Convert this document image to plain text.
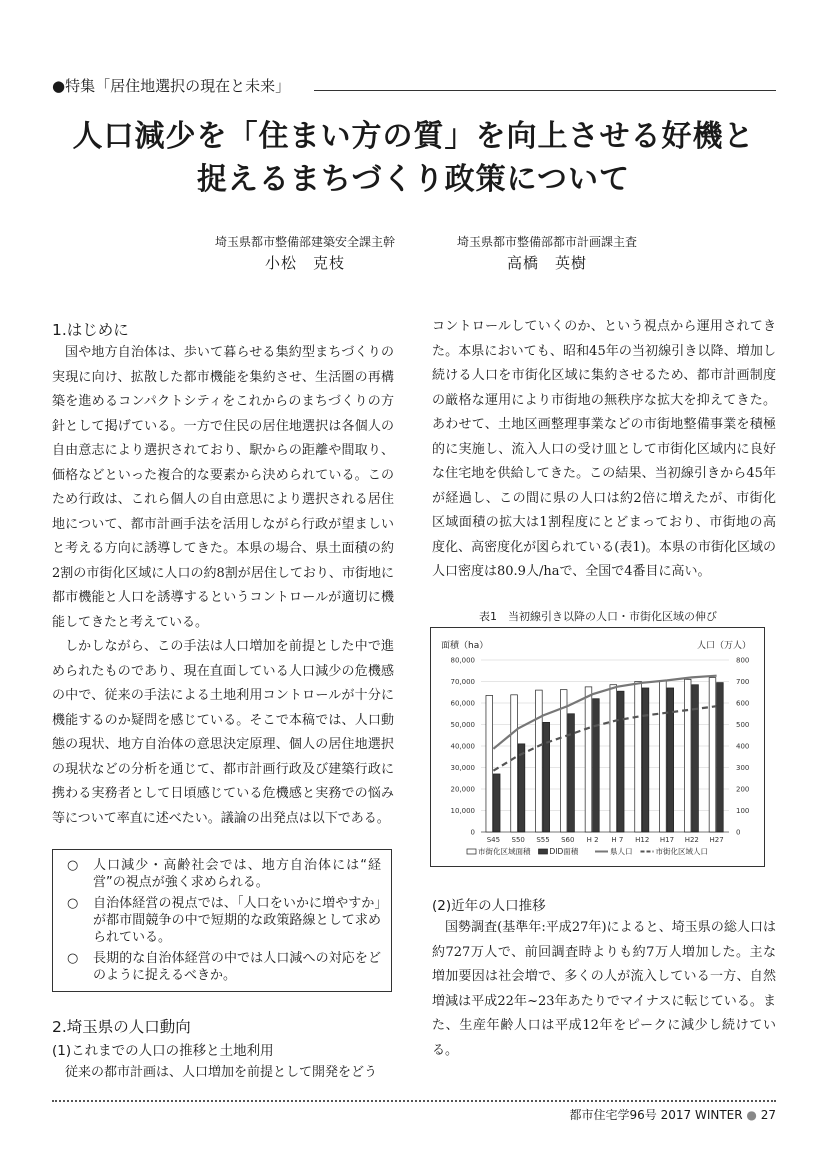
●特集「居住地選択の現在と未来」
人口減少を「住まい方の質」を向上させる好機と
捉えるまちづくり政策について
埼玉県都市整備部建築安全課主幹
小松　克枝
埼玉県都市整備部都市計画課主査
高橋　英樹
1.はじめに

国や地方自治体は、歩いて暮らせる集約型まちづくりの実現に向け、拡散した都市機能を集約させ、生活圏の再構築を進めるコンパクトシティをこれからのまちづくりの方針として掲げている。一方で住民の居住地選択は各個人の自由意志により選択されており、駅からの距離や間取り、価格などといった複合的な要素から決められている。このため行政は、これら個人の自由意思により選択される居住地について、都市計画手法を活用しながら行政が望ましいと考える方向に誘導してきた。本県の場合、県土面積の約2割の市街化区域に人口の約8割が居住しており、市街地に都市機能と人口を誘導するというコントロールが適切に機能してきたと考えている。

しかしながら、この手法は人口増加を前提とした中で進められたものであり、現在直面している人口減少の危機感の中で、従来の手法による土地利用コントロールが十分に機能するのか疑問を感じている。そこで本稿では、人口動態の現状、地方自治体の意思決定原理、個人の居住地選択の現状などの分析を通じて、都市計画行政及び建築行政に携わる実務者として日頃感じている危機感と実務での悩み等について率直に述べたい。議論の出発点は以下である。

○ 人口減少・高齢社会では、地方自治体には“経営”の視点が強く求められる。
○ 自治体経営の視点では、「人口をいかに増やすか」が都市間競争の中で短期的な政策路線として求められている。
○ 長期的な自治体経営の中では人口減への対応をどのように捉えるべきか。
2.埼玉県の人口動向
(1)これまでの人口の推移と土地利用

従来の都市計画は、人口増加を前提として開発をどう

コントロールしていくのか、という視点から運用されてきた。本県においても、昭和45年の当初線引き以降、増加し続ける人口を市街化区域に集約させるため、都市計画制度の厳格な運用により市街地の無秩序な拡大を抑えてきた。あわせて、土地区画整理事業などの市街地整備事業を積極的に実施し、流入人口の受け皿として市街化区域内に良好な住宅地を供給してきた。この結果、当初線引きから45年が経過し、この間に県の人口は約2倍に増えたが、市街化区域面積の拡大は1割程度にとどまっており、市街地の高度化、高密度化が図られている(表1)。本県の市街化区域の人口密度は80.9人/haで、全国で4番目に高い。

表1　当初線引き以降の人口・市街化区域の伸び
面積（ha）	人口（万人）
0
10,000
20,000
30,000
40,000
50,000
60,000
70,000
80,000
0
100
200
300
400
500
600
700
800
S45 S50 S55 S60 H 2 H 7 H12 H17 H22 H27
市街化区域面積	DID面積	県人口	市街化区域人口
(2)近年の人口推移

国勢調査(基準年:平成27年)によると、埼玉県の総人口は約727万人で、前回調査時よりも約7万人増加した。主な増加要因は社会増で、多くの人が流入している一方、自然増減は平成22年~23年あたりでマイナスに転じている。また、生産年齢人口は平成12年をピークに減少し続けている。

都市住宅学96号 2017 WINTER ● 27
